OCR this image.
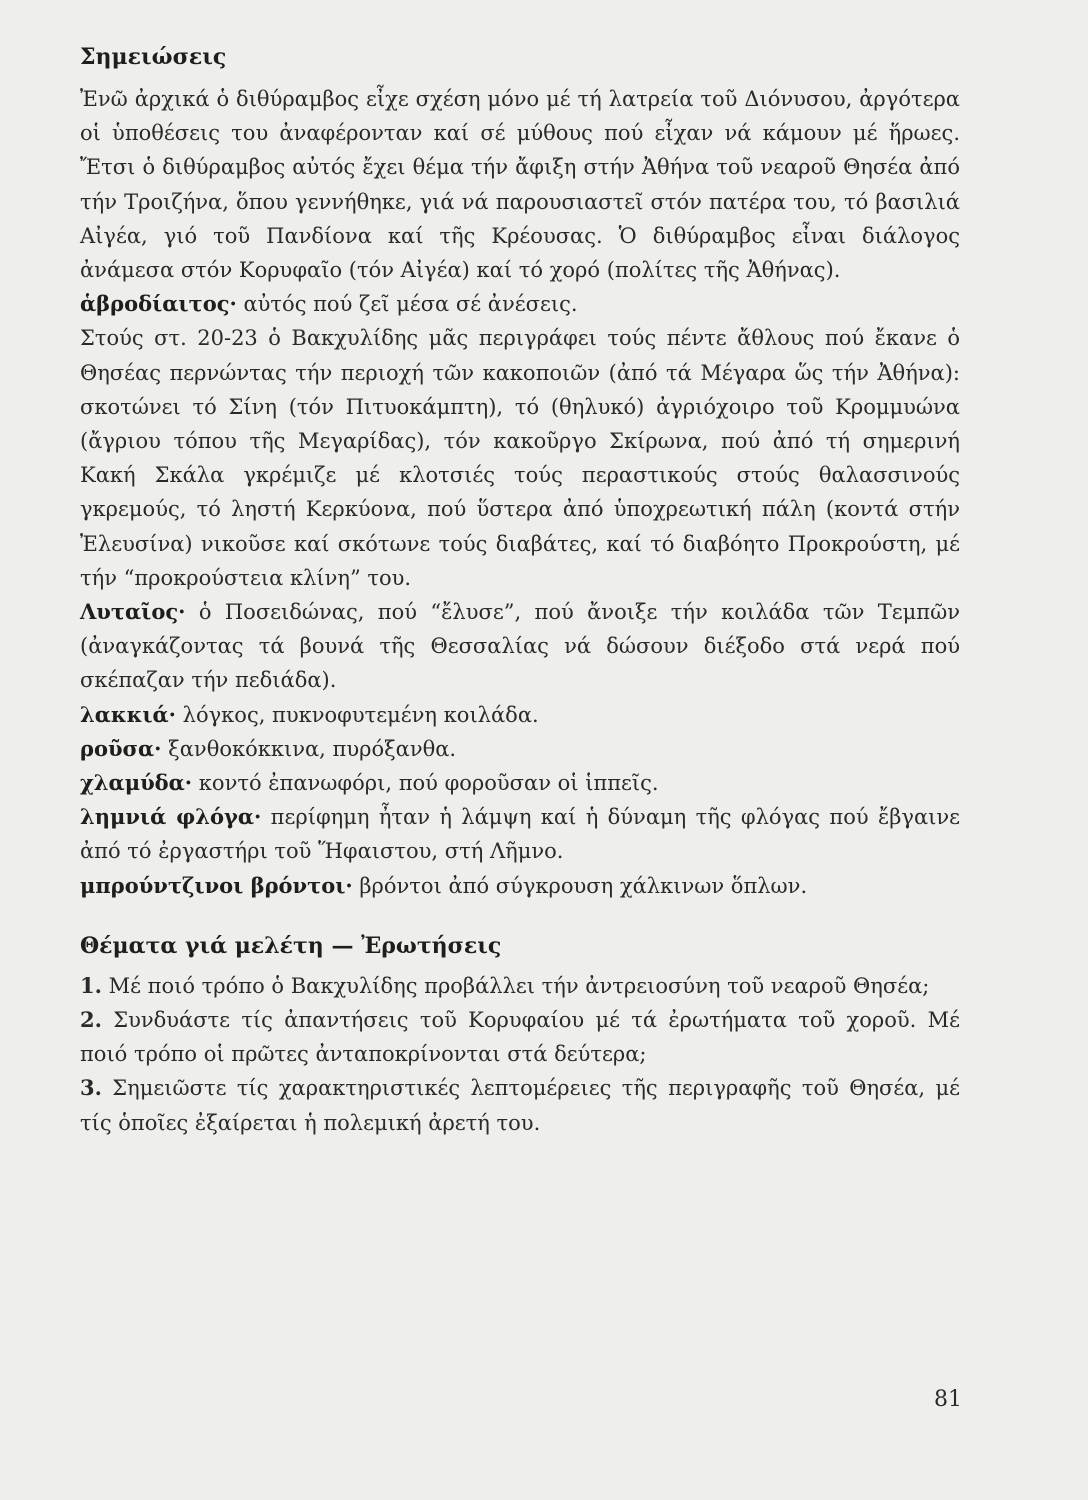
Σημειώσεις

Ἐνῶ ἀρχικά ὁ διθύραμβος εἶχε σχέση μόνο μέ τή λατρεία τοῦ Διόνυσου, ἀργότερα οἱ ὑποθέσεις του ἀναφέρονταν καί σέ μύθους πού εἶχαν νά κάμουν μέ ἥρωες. Ἔτσι ὁ διθύραμβος αὐτός ἔχει θέμα τήν ἄφιξη στήν Ἀθήνα τοῦ νεαροῦ Θησέα ἀπό τήν Τροιζήνα, ὅπου γεννήθηκε, γιά νά παρουσιαστεῖ στόν πατέρα του, τό βασιλιά Αἰγέα, γιό τοῦ Πανδίονα καί τῆς Κρέουσας. Ὁ διθύραμβος εἶναι διάλογος ἀνάμεσα στόν Κορυφαῖο (τόν Αἰγέα) καί τό χορό (πολίτες τῆς Ἀθήνας).

ἁβροδίαιτος· αὐτός πού ζεῖ μέσα σέ ἀνέσεις.

Στούς στ. 20-23 ὁ Βακχυλίδης μᾶς περιγράφει τούς πέντε ἄθλους πού ἔκανε ὁ Θησέας περνώντας τήν περιοχή τῶν κακοποιῶν (ἀπό τά Μέγαρα ὥς τήν Ἀθήνα): σκοτώνει τό Σίνη (τόν Πιτυοκάμπτη), τό (θηλυκό) ἀγριόχοιρο τοῦ Κρομμυώνα (ἄγριου τόπου τῆς Μεγαρίδας), τόν κακοῦργο Σκίρωνα, πού ἀπό τή σημερινή Κακή Σκάλα γκρέμιζε μέ κλοτσιές τούς περαστικούς στούς θαλασσινούς γκρεμούς, τό ληστή Κερκύονα, πού ὕστερα ἀπό ὑποχρεωτική πάλη (κοντά στήν Ἐλευσίνα) νικοῦσε καί σκότωνε τούς διαβάτες, καί τό διαβόητο Προκρούστη, μέ τήν “προκρούστεια κλίνη” του.

Λυταῖος· ὁ Ποσειδώνας, πού “ἔλυσε”, πού ἄνοιξε τήν κοιλάδα τῶν Τεμπῶν (ἀναγκάζοντας τά βουνά τῆς Θεσσαλίας νά δώσουν διέξοδο στά νερά πού σκέπαζαν τήν πεδιάδα).

λακκιά· λόγκος, πυκνοφυτεμένη κοιλάδα.

ροῦσα· ξανθοκόκκινα, πυρόξανθα.

χλαμύδα· κοντό ἐπανωφόρι, πού φοροῦσαν οἱ ἱππεῖς.

λημνιά φλόγα· περίφημη ἦταν ἡ λάμψη καί ἡ δύναμη τῆς φλόγας πού ἔβγαινε ἀπό τό ἐργαστήρι τοῦ Ἥφαιστου, στή Λῆμνο.

μπρούντζινοι βρόντοι· βρόντοι ἀπό σύγκρουση χάλκινων ὅπλων.

Θέματα γιά μελέτη — Ἐρωτήσεις

1. Μέ ποιό τρόπο ὁ Βακχυλίδης προβάλλει τήν ἀντρειοσύνη τοῦ νεαροῦ Θησέα;

2. Συνδυάστε τίς ἀπαντήσεις τοῦ Κορυφαίου μέ τά ἐρωτήματα τοῦ χοροῦ. Μέ ποιό τρόπο οἱ πρῶτες ἀνταποκρίνονται στά δεύτερα;

3. Σημειῶστε τίς χαρακτηριστικές λεπτομέρειες τῆς περιγραφῆς τοῦ Θησέα, μέ τίς ὁποῖες ἐξαίρεται ἡ πολεμική ἀρετή του.

81
